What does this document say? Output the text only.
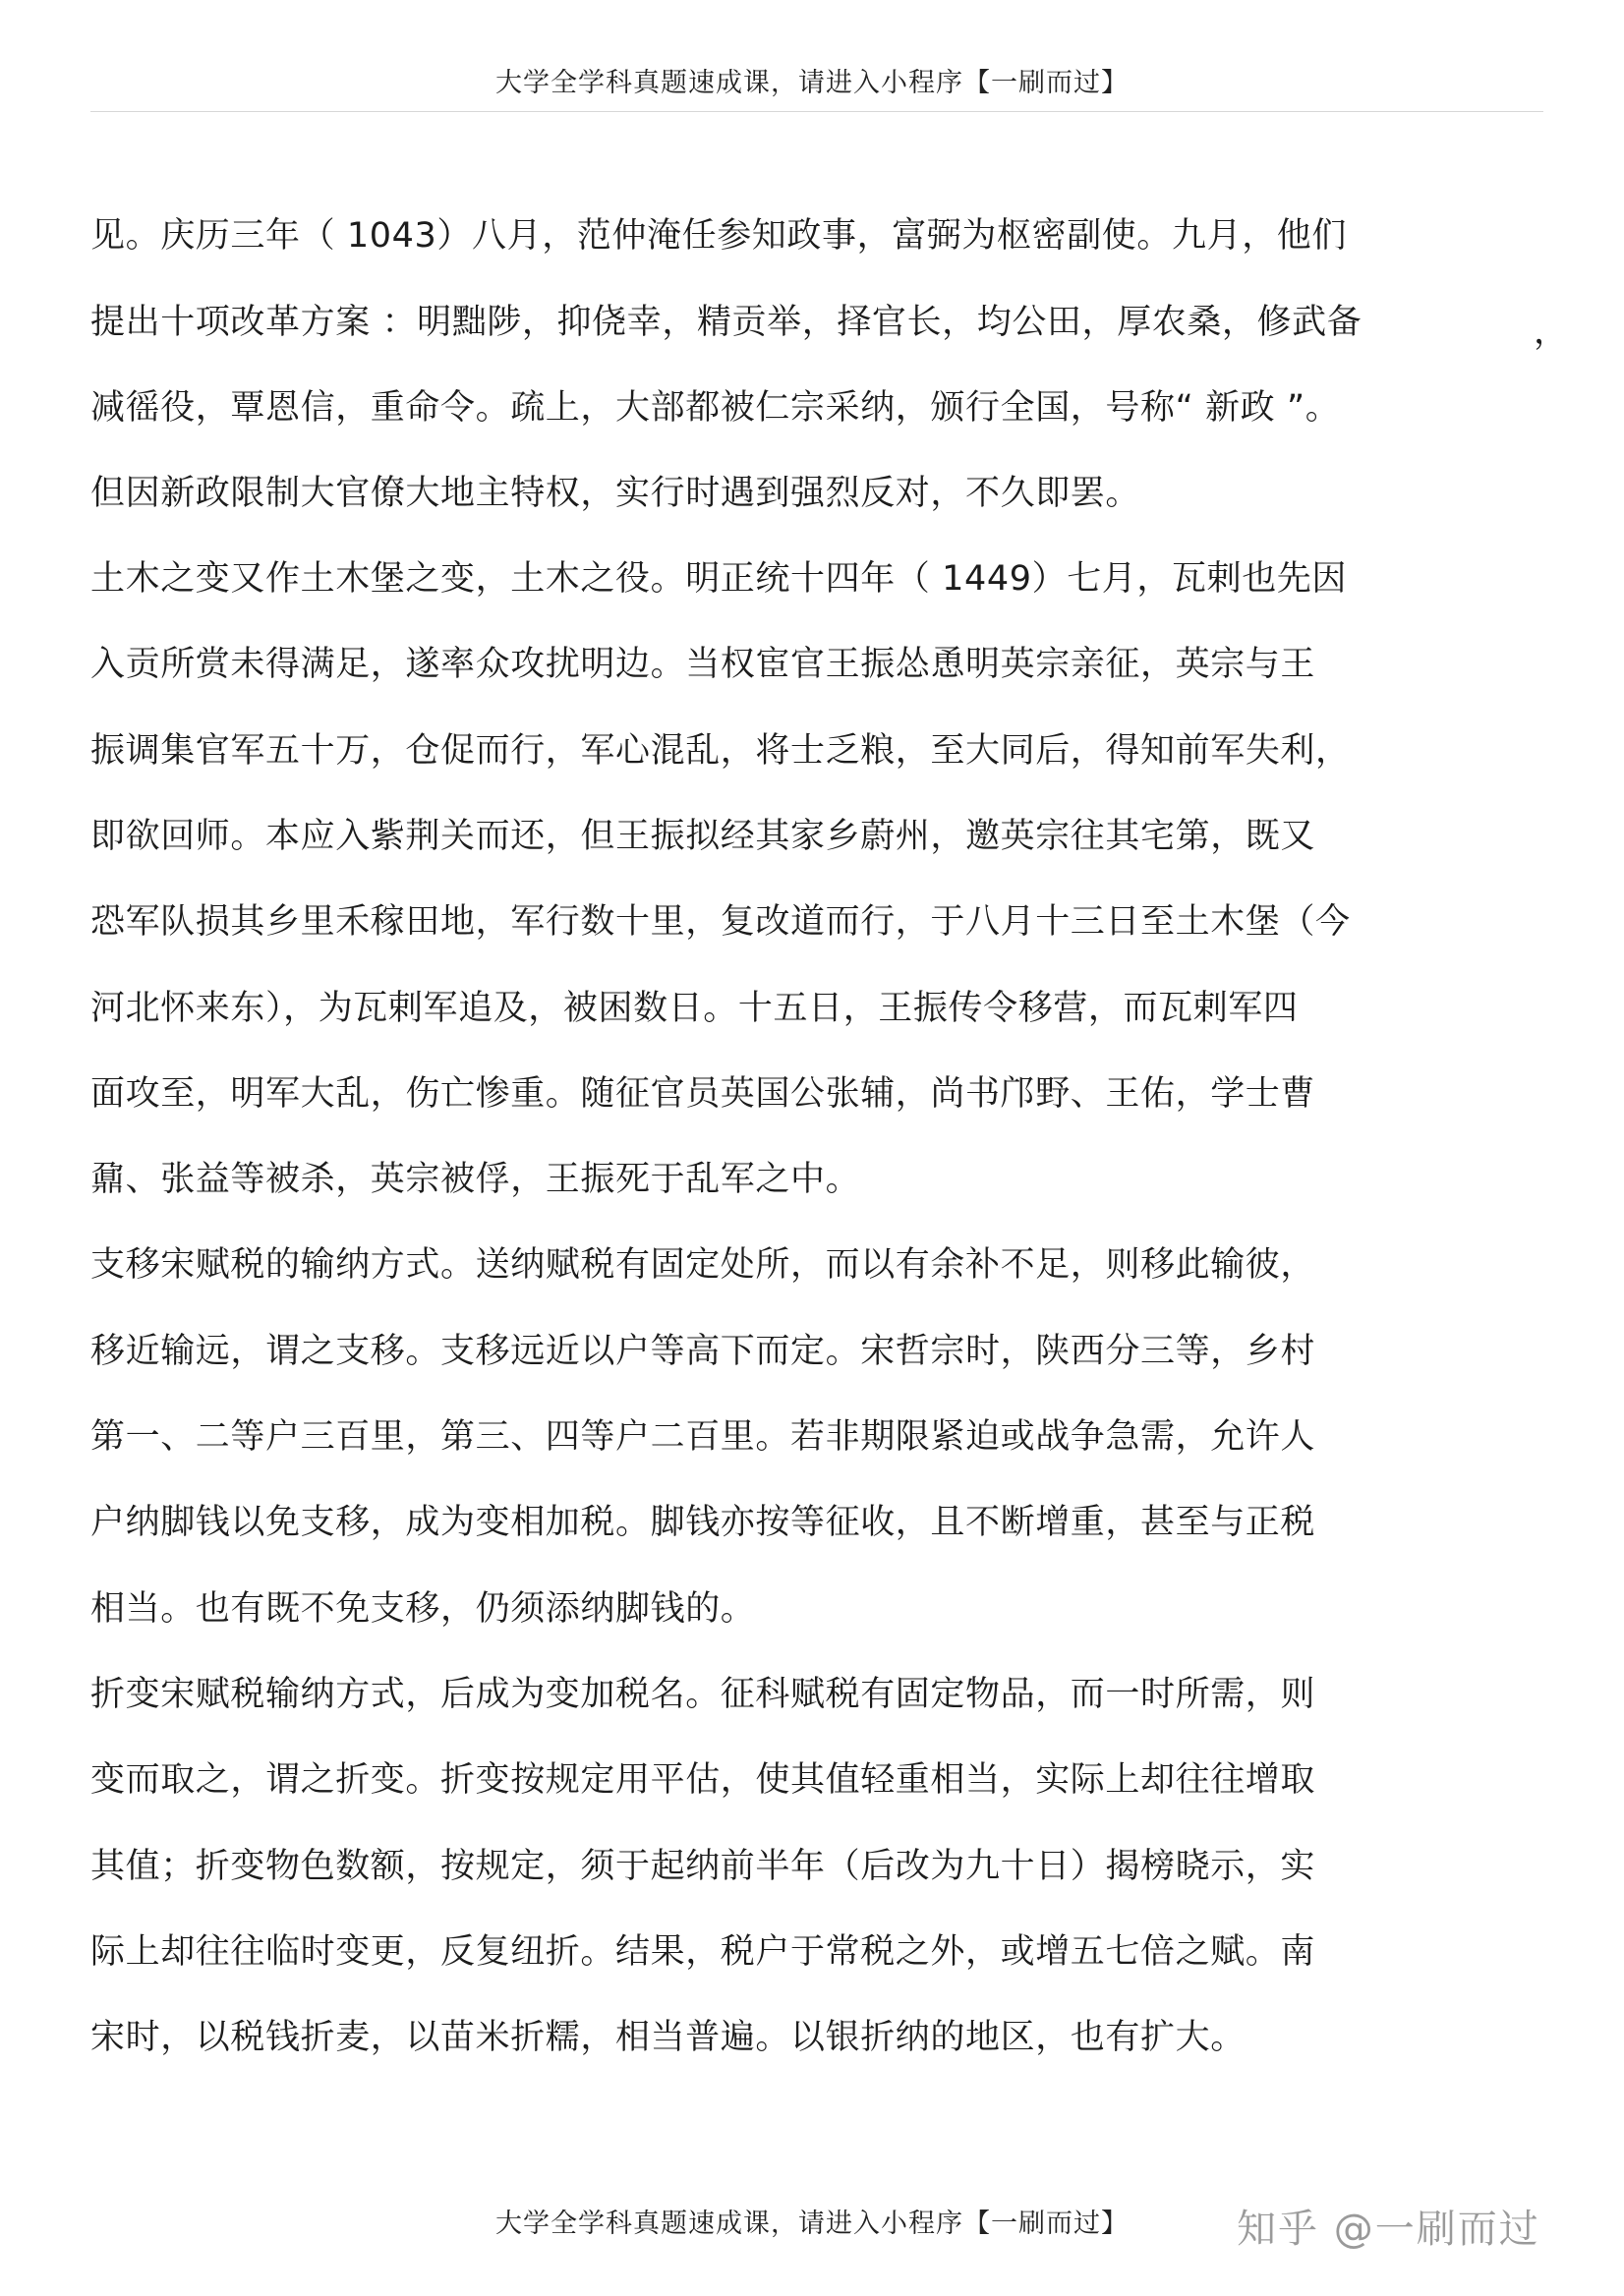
大学全学科真题速成课，请进入小程序【一刷而过】
见。庆历三年（ 1043）八月，范仲淹任参知政事，富弼为枢密副使。九月，他们
提出十项改革方案 ：明黜陟，抑侥幸，精贡举，择官长，均公田，厚农桑，修武备	，
减徭役，覃恩信，重命令。疏上，大部都被仁宗采纳，颁行全国，号称“ 新政 ”。
但因新政限制大官僚大地主特权，实行时遇到强烈反对，不久即罢。
土木之变又作土木堡之变，土木之役。明正统十四年（ 1449）七月，瓦剌也先因
入贡所赏未得满足，遂率众攻扰明边。当权宦官王振怂恿明英宗亲征，英宗与王
振调集官军五十万，仓促而行，军心混乱，将士乏粮，至大同后，得知前军失利，
即欲回师。本应入紫荆关而还，但王振拟经其家乡蔚州，邀英宗往其宅第，既又
恐军队损其乡里禾稼田地，军行数十里，复改道而行，于八月十三日至土木堡（今
河北怀来东），为瓦剌军追及，被困数日。十五日，王振传令移营，而瓦剌军四
面攻至，明军大乱，伤亡惨重。随征官员英国公张辅，尚书邝野、王佑，学士曹
鼐、张益等被杀，英宗被俘，王振死于乱军之中。
支移宋赋税的输纳方式。送纳赋税有固定处所，而以有余补不足，则移此输彼，
移近输远，谓之支移。支移远近以户等高下而定。宋哲宗时，陕西分三等，乡村
第一、二等户三百里，第三、四等户二百里。若非期限紧迫或战争急需，允许人
户纳脚钱以免支移，成为变相加税。脚钱亦按等征收，且不断增重，甚至与正税
相当。也有既不免支移，仍须添纳脚钱的。
折变宋赋税输纳方式，后成为变加税名。征科赋税有固定物品，而一时所需，则
变而取之，谓之折变。折变按规定用平估，使其值轻重相当，实际上却往往增取
其值；折变物色数额，按规定，须于起纳前半年（后改为九十日）揭榜晓示，实
际上却往往临时变更，反复纽折。结果，税户于常税之外，或增五七倍之赋。南
宋时，以税钱折麦，以苗米折糯，相当普遍。以银折纳的地区，也有扩大。
大学全学科真题速成课，请进入小程序【一刷而过】	知乎 @一刷而过
